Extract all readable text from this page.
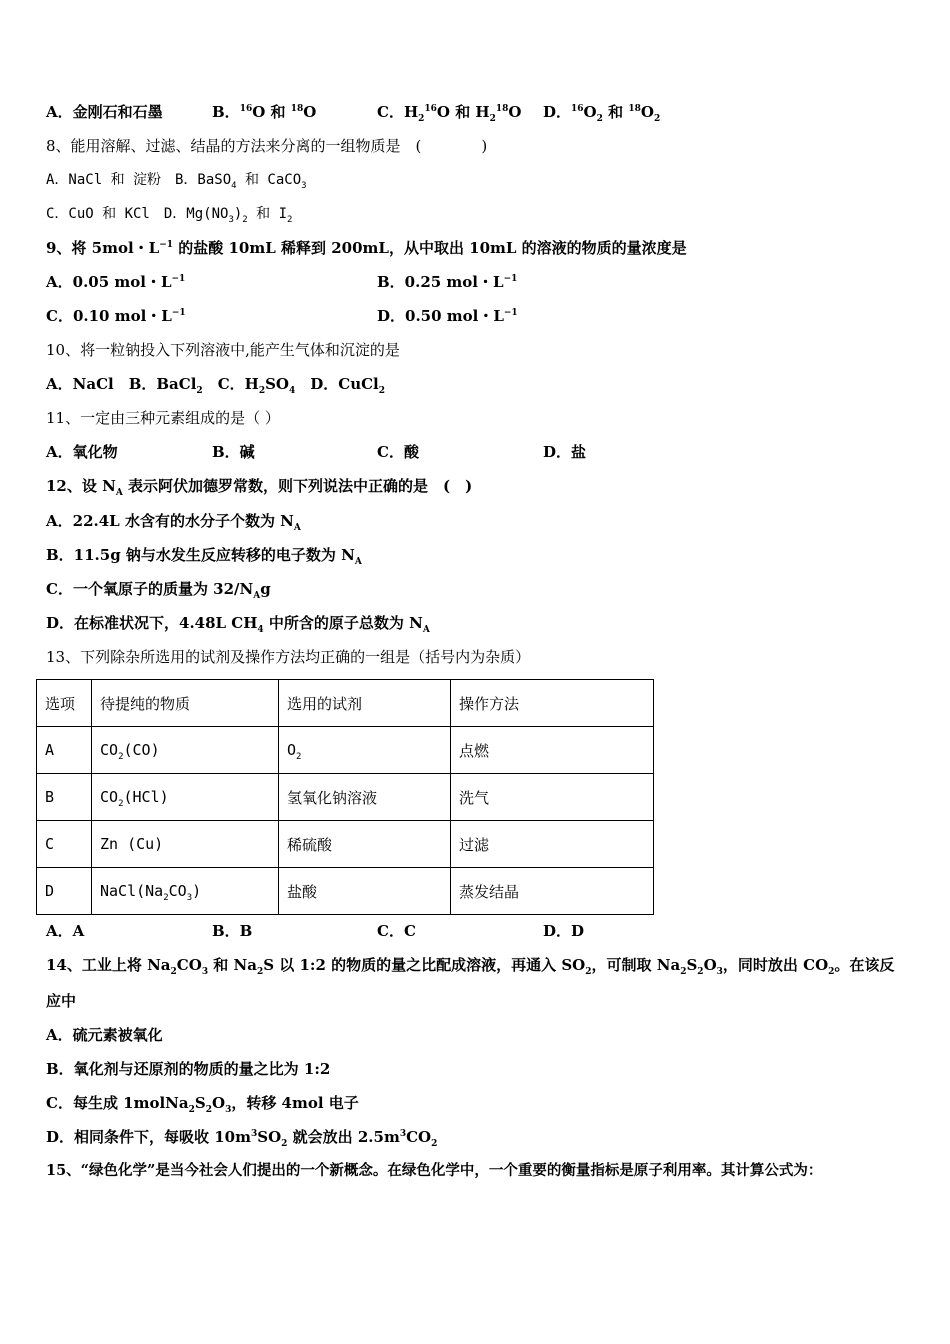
A．金刚石和石墨	B．$^{16}$O 和 $^{18}$O	C．$H_2^{16}O$ 和 $H_2^{18}O$ D．$^{16}O_2$ 和 $^{18}O_2$
8、能用溶解、过滤、结晶的方法来分离的一组物质是　(　　　　)
A．NaCl 和 淀粉　B．BaSO$_4$ 和 CaCO$_3$
C．CuO 和 KCl　D．$Mg(NO_3)_2$ 和 $I_2$
9、将 5mol・$L^{-1}$ 的盐酸 10mL 稀释到 200mL，从中取出 10mL 的溶液的物质的量浓度是
A．0.05 mol・$L^{-1}$	B．0.25 mol・$L^{-1}$
C．0.10 mol・$L^{-1}$	D．0.50 mol・$L^{-1}$
10、将一粒钠投入下列溶液中,能产生气体和沉淀的是
A．NaCl　B．BaCl$_2$　C．$H_2SO_4$　D．CuCl$_2$
11、一定由三种元素组成的是（ ）
A．氧化物	B．碱	C．酸	D．盐
12、设 $N_A$ 表示阿伏加德罗常数，则下列说法中正确的是　(　)
A．22.4L 水含有的水分子个数为 $N_A$
B．11.5g 钠与水发生反应转移的电子数为 $N_A$
C．一个氧原子的质量为 $32/N_Ag$
D．在标准状况下，4.48L $CH_4$ 中所含的原子总数为 $N_A$
13、下列除杂所选用的试剂及操作方法均正确的一组是（括号内为杂质）
选项	待提纯的物质	选用的试剂	操作方法
A	$CO_2(CO)$	$O_2$	点燃
B	$CO_2(HCl)$	氢氧化钠溶液	洗气
C	Zn (Cu)	稀硫酸	过滤
D	$NaCl(Na_2CO_3)$	盐酸	蒸发结晶
A．A	B．B	C．C	D．D
14、工业上将 $Na_2CO_3$ 和 $Na_2S$ 以 1:2 的物质的量之比配成溶液，再通入 $SO_2$，可制取 $Na_2S_2O_3$，同时放出 $CO_2$。在该反
应中
A．硫元素被氧化
B．氧化剂与还原剂的物质的量之比为 1:2
C．每生成 $1molNa_2S_2O_3$，转移 4mol 电子
D．相同条件下，每吸收 $10m^3SO_2$ 就会放出 $2.5m^3CO_2$
15、“绿色化学”是当今社会人们提出的一个新概念。在绿色化学中，一个重要的衡量指标是原子利用率。其计算公式为：
